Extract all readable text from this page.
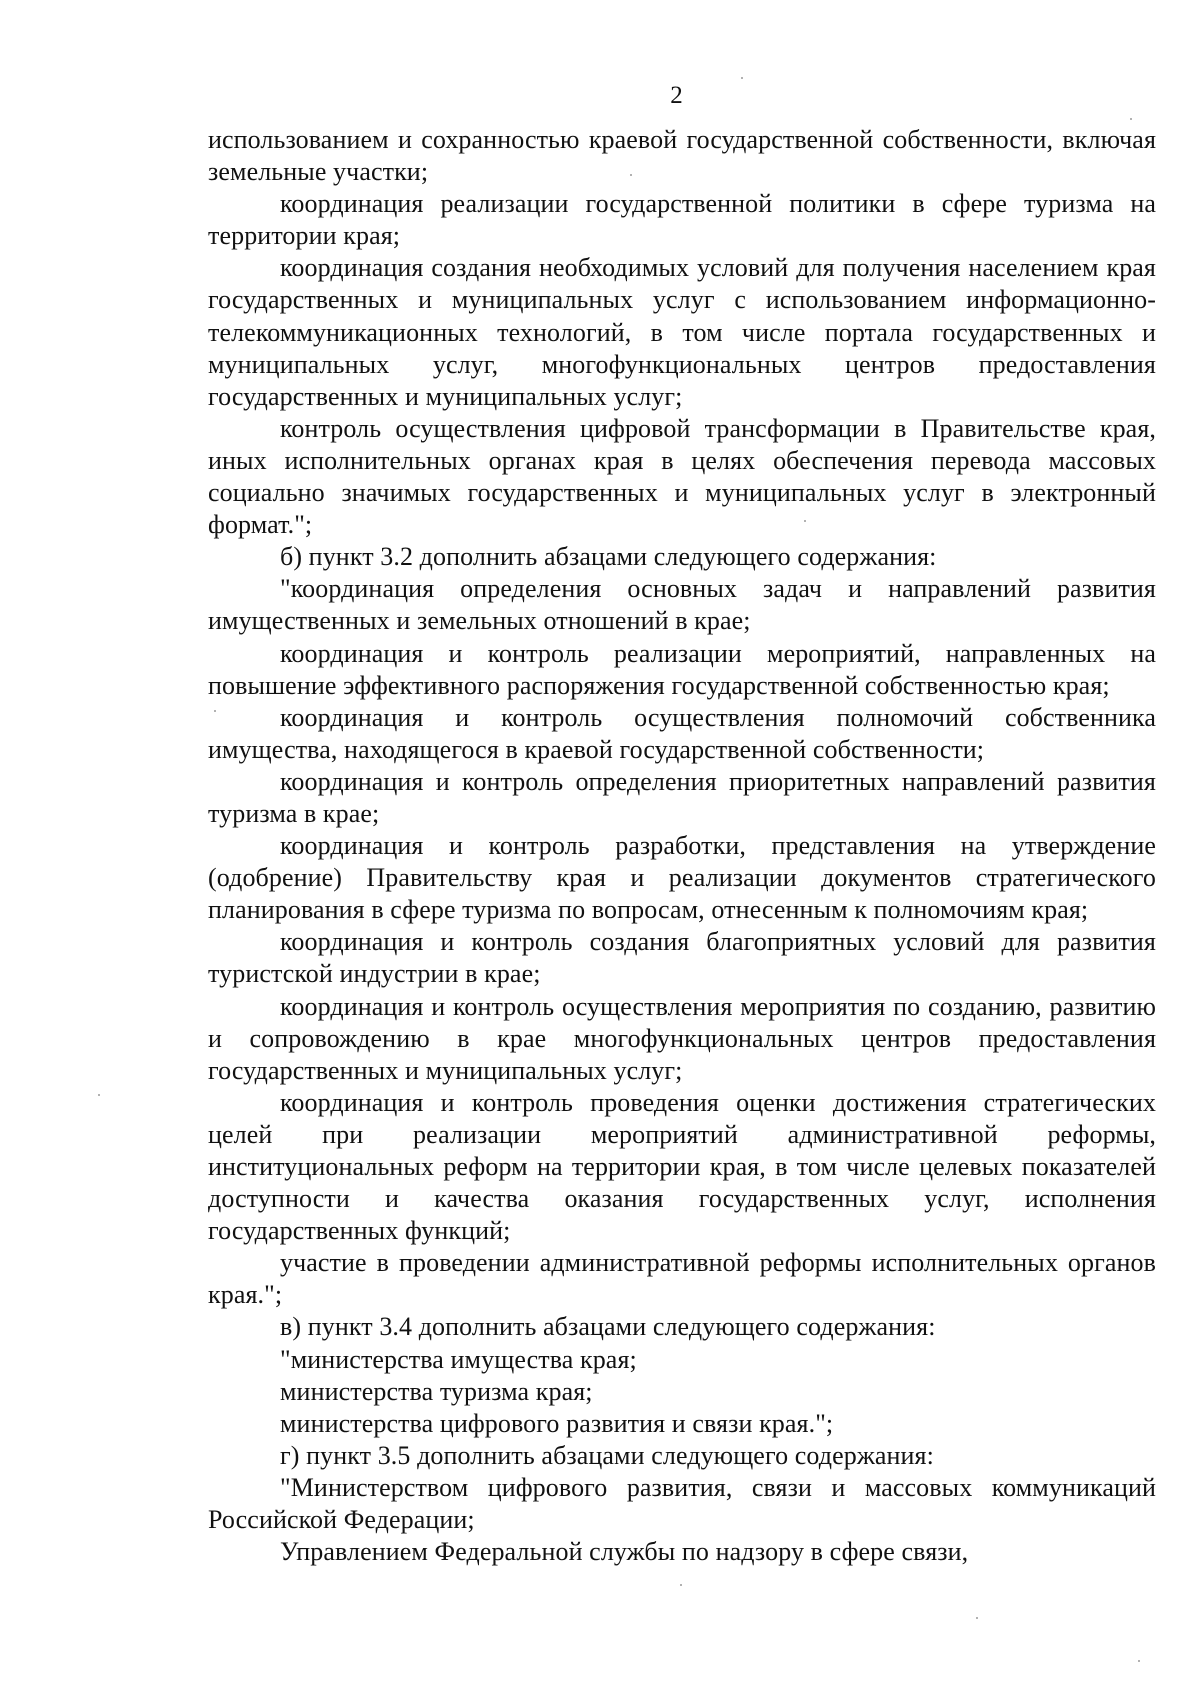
2

использованием и сохранностью краевой государственной собственности, включая земельные участки;

координация реализации государственной политики в сфере туризма на территории края;

координация создания необходимых условий для получения населением края государственных и муниципальных услуг с использованием информационно-телекоммуникационных технологий, в том числе портала государственных и муниципальных услуг, многофункциональных центров предоставления государственных и муниципальных услуг;

контроль осуществления цифровой трансформации в Правительстве края, иных исполнительных органах края в целях обеспечения перевода массовых социально значимых государственных и муниципальных услуг в электронный формат.";

б) пункт 3.2 дополнить абзацами следующего содержания:

"координация определения основных задач и направлений развития имущественных и земельных отношений в крае;

координация и контроль реализации мероприятий, направленных на повышение эффективного распоряжения государственной собственностью края;

координация и контроль осуществления полномочий собственника имущества, находящегося в краевой государственной собственности;

координация и контроль определения приоритетных направлений развития туризма в крае;

координация и контроль разработки, представления на утверждение (одобрение) Правительству края и реализации документов стратегического планирования в сфере туризма по вопросам, отнесенным к полномочиям края;

координация и контроль создания благоприятных условий для развития туристской индустрии в крае;

координация и контроль осуществления мероприятия по созданию, развитию и сопровождению в крае многофункциональных центров предоставления государственных и муниципальных услуг;

координация и контроль проведения оценки достижения стратегических целей при реализации мероприятий административной реформы, институциональных реформ на территории края, в том числе целевых показателей доступности и качества оказания государственных услуг, исполнения государственных функций;

участие в проведении административной реформы исполнительных органов края.";

в) пункт 3.4 дополнить абзацами следующего содержания:

"министерства имущества края;

министерства туризма края;

министерства цифрового развития и связи края.";

г) пункт 3.5 дополнить абзацами следующего содержания:

"Министерством цифрового развития, связи и массовых коммуникаций Российской Федерации;

Управлением Федеральной службы по надзору в сфере связи,
